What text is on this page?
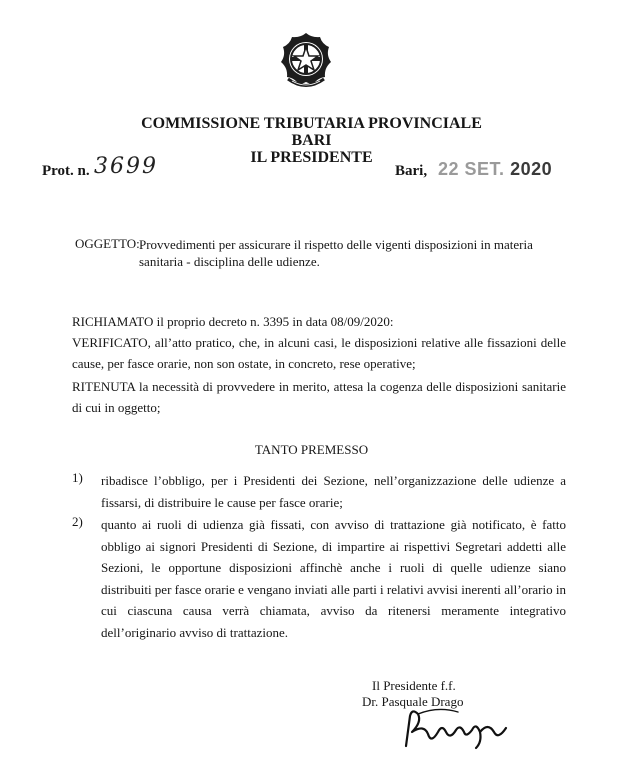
COMMISSIONE TRIBUTARIA PROVINCIALE

BARI

IL PRESIDENTE

Prot. n. 3699	Bari, 22 SET. 2020
OGGETTO: Provvedimenti per assicurare il rispetto delle vigenti disposizioni in materia sanitaria - disciplina delle udienze.

RICHIAMATO il proprio decreto n. 3395 in data 08/09/2020:

VERIFICATO, all’atto pratico, che, in alcuni casi, le disposizioni relative alle fissazioni delle cause, per fasce orarie, non son ostate, in concreto, rese operative;

RITENUTA la necessità di provvedere in merito, attesa la cogenza delle disposizioni sanitarie di cui in oggetto;

TANTO PREMESSO

1) ribadisce l’obbligo, per i Presidenti dei Sezione, nell’organizzazione delle udienze a fissarsi, di distribuire le cause per fasce orarie;
2) quanto ai ruoli di udienza già fissati, con avviso di trattazione già notificato, è fatto obbligo ai signori Presidenti di Sezione, di impartire ai rispettivi Segretari addetti alle Sezioni, le opportune disposizioni affinchè anche i ruoli di quelle udienze siano distribuiti per fasce orarie e vengano inviati alle parti i relativi avvisi inerenti all’orario in cui ciascuna causa verrà chiamata, avviso da ritenersi meramente integrativo dell’originario avviso di trattazione.
Il Presidente f.f.
Dr. Pasquale Drago
